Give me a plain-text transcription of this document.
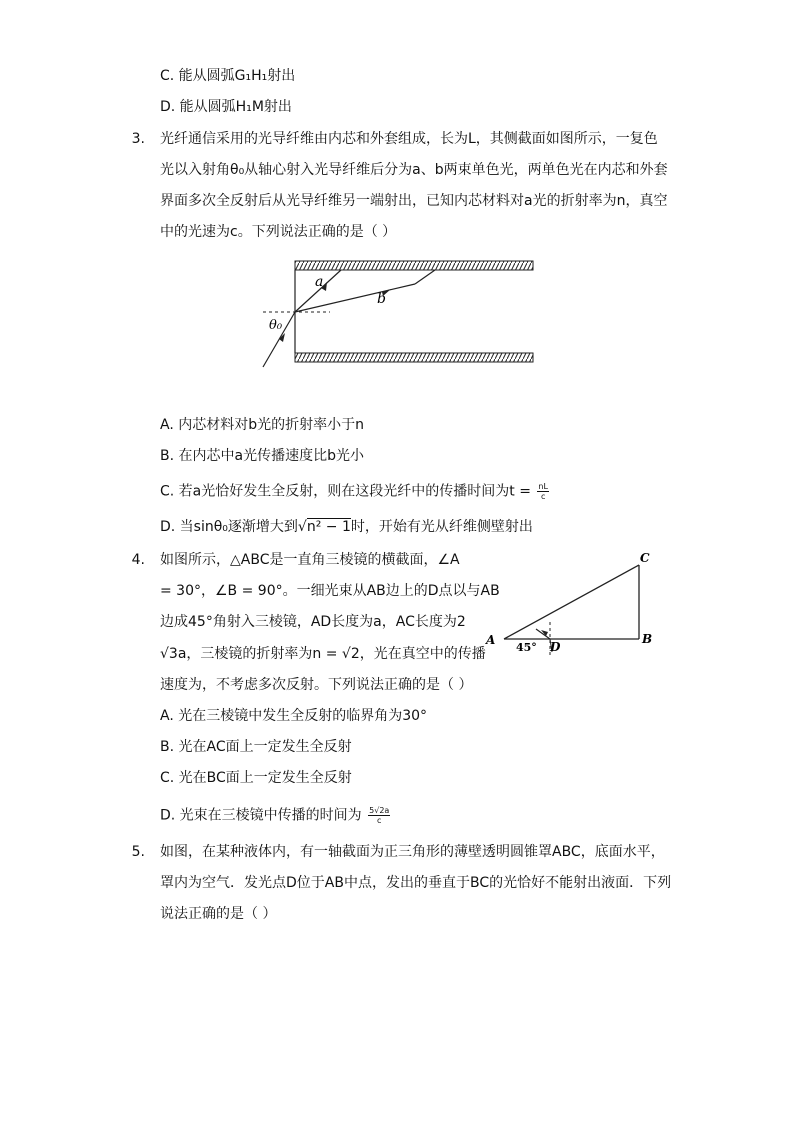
C. 能从圆弧G₁H₁射出
D. 能从圆弧H₁M射出
3. 光纤通信采用的光导纤维由内芯和外套组成，长为L，其侧截面如图所示，一复色
光以入射角θ₀从轴心射入光导纤维后分为a、b两束单色光，两单色光在内芯和外套
界面多次全反射后从光导纤维另一端射出，已知内芯材料对a光的折射率为n，真空
中的光速为c。下列说法正确的是（ ）
a
b
θ₀
A. 内芯材料对b光的折射率小于n
B. 在内芯中a光传播速度比b光小
C. 若a光恰好发生全反射，则在这段光纤中的传播时间为$t = \frac{nL}{c}$
D. 当sinθ₀逐渐增大到√n² − 1时，开始有光从纤维侧壁射出
4. 如图所示，△ABC是一直角三棱镜的横截面，∠A
= 30°，∠B = 90°。一细光束从AB边上的D点以与AB
边成45°角射入三棱镜，AD长度为a，AC长度为2
√3a，三棱镜的折射率为n = √2，光在真空中的传播
速度为，不考虑多次反射。下列说法正确的是（ ）
C
A	B
D
45°
A. 光在三棱镜中发生全反射的临界角为30°
B. 光在AC面上一定发生全反射
C. 光在BC面上一定发生全反射
D. 光束在三棱镜中传播的时间为 $\frac{5√2a}{c}$
5. 如图，在某种液体内，有一轴截面为正三角形的薄壁透明圆锥罩ABC，底面水平，
罩内为空气．发光点D位于AB中点，发出的垂直于BC的光恰好不能射出液面．下列
说法正确的是（ ）
